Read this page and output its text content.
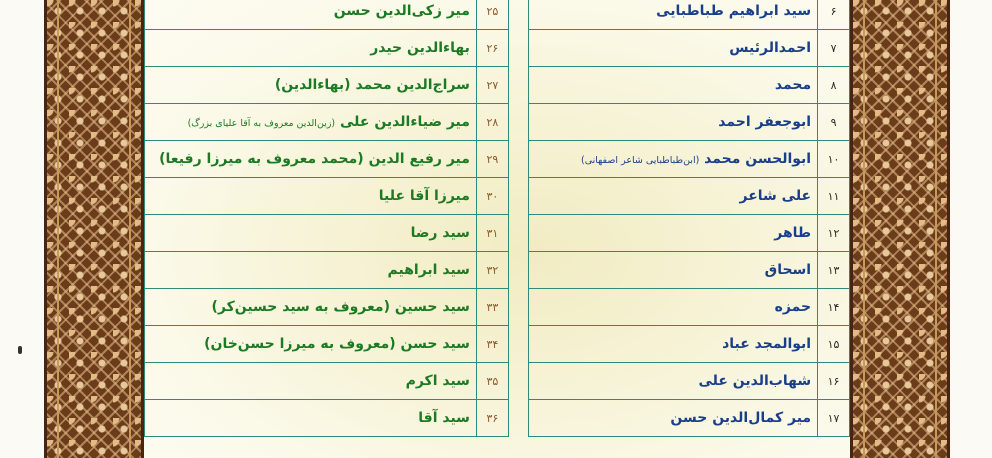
۶	سید ابراهیم طباطبایی		۲۵	میر زکی‌الدین حسن
۷	احمدالرئیس		۲۶	بهاءالدین حیدر
۸	محمد		۲۷	سراج‌الدین محمد (بهاءالدین)
۹	ابوجعفر احمد		۲۸	میر ضیاءالدین علی (زین‌الدین معروف به آقا علیای بزرگ)
۱۰	ابوالحسن محمد (ابن‌طباطبایی شاعر اصفهانی)		۲۹	میر رفیع الدین (محمد معروف به میرزا رفیعا)
۱۱	علی شاعر		۳۰	میرزا آقا علیا
۱۲	طاهر		۳۱	سید رضا
۱۳	اسحاق		۳۲	سید ابراهیم
۱۴	حمزه		۳۳	سید حسین (معروف به سید حسین‌کر)
۱۵	ابوالمجد عباد		۳۴	سید حسن (معروف به میرزا حسن‌خان)
۱۶	شهاب‌الدین علی		۳۵	سید اکرم
۱۷	میر کمال‌الدین حسن		۳۶	سید آقا
